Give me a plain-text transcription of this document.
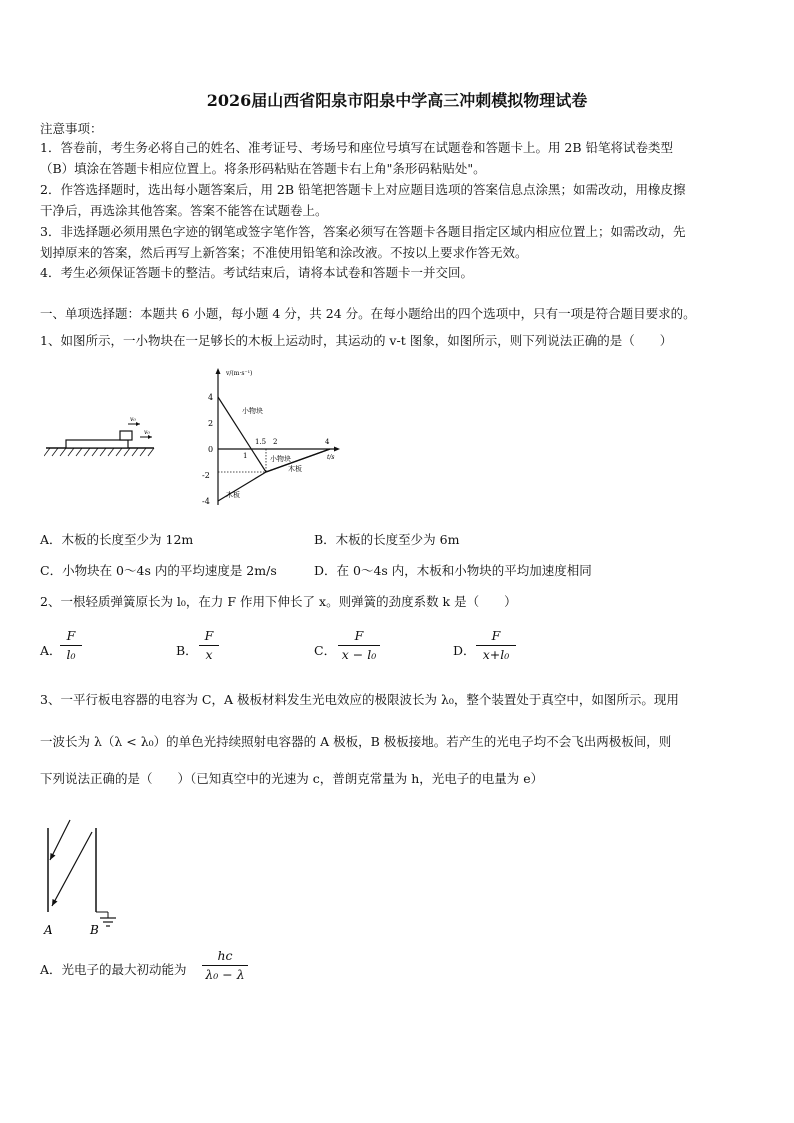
2026届山西省阳泉市阳泉中学高三冲刺模拟物理试卷
注意事项：
1．答卷前，考生务必将自己的姓名、准考证号、考场号和座位号填写在试题卷和答题卡上。用 2B 铅笔将试卷类型
（B）填涂在答题卡相应位置上。将条形码粘贴在答题卡右上角"条形码粘贴处"。
2．作答选择题时，选出每小题答案后，用 2B 铅笔把答题卡上对应题目选项的答案信息点涂黑；如需改动，用橡皮擦
干净后，再选涂其他答案。答案不能答在试题卷上。
3．非选择题必须用黑色字迹的钢笔或签字笔作答，答案必须写在答题卡各题目指定区域内相应位置上；如需改动，先
划掉原来的答案，然后再写上新答案；不准使用铅笔和涂改液。不按以上要求作答无效。
4．考生必须保证答题卡的整洁。考试结束后，请将本试卷和答题卡一并交回。
一、单项选择题：本题共 6 小题，每小题 4 分，共 24 分。在每小题给出的四个选项中，只有一项是符合题目要求的。
1、如图所示，一小物块在一足够长的木板上运动时，其运动的 v-t 图象，如图所示，则下列说法正确的是（　　）
v₀
v₀
v/(m·s⁻¹)
t/s
4
2
0
-2
-4
1
1.5 2	4
小物块
小物块
木板
木板
A．木板的长度至少为 12m	B．木板的长度至少为 6m
C．小物块在 0～4s 内的平均速度是 2m/s	D．在 0～4s 内，木板和小物块的平均加速度相同
2、一根轻质弹簧原长为 l₀，在力 F 作用下伸长了 x。则弹簧的劲度系数 k 是（　　）
A．
F
l₀	B．
F
x	C．
F
x − l₀	D．
F
x+l₀
3、一平行板电容器的电容为 C，A 极板材料发生光电效应的极限波长为 λ₀，整个装置处于真空中，如图所示。现用
一波长为 λ（λ < λ₀）的单色光持续照射电容器的 A 极板，B 极板接地。若产生的光电子均不会飞出两极板间，则
下列说法正确的是（　　）（已知真空中的光速为 c，普朗克常量为 h，光电子的电量为 e）
A	B
A．光电子的最大初动能为
hc
λ₀ − λ
